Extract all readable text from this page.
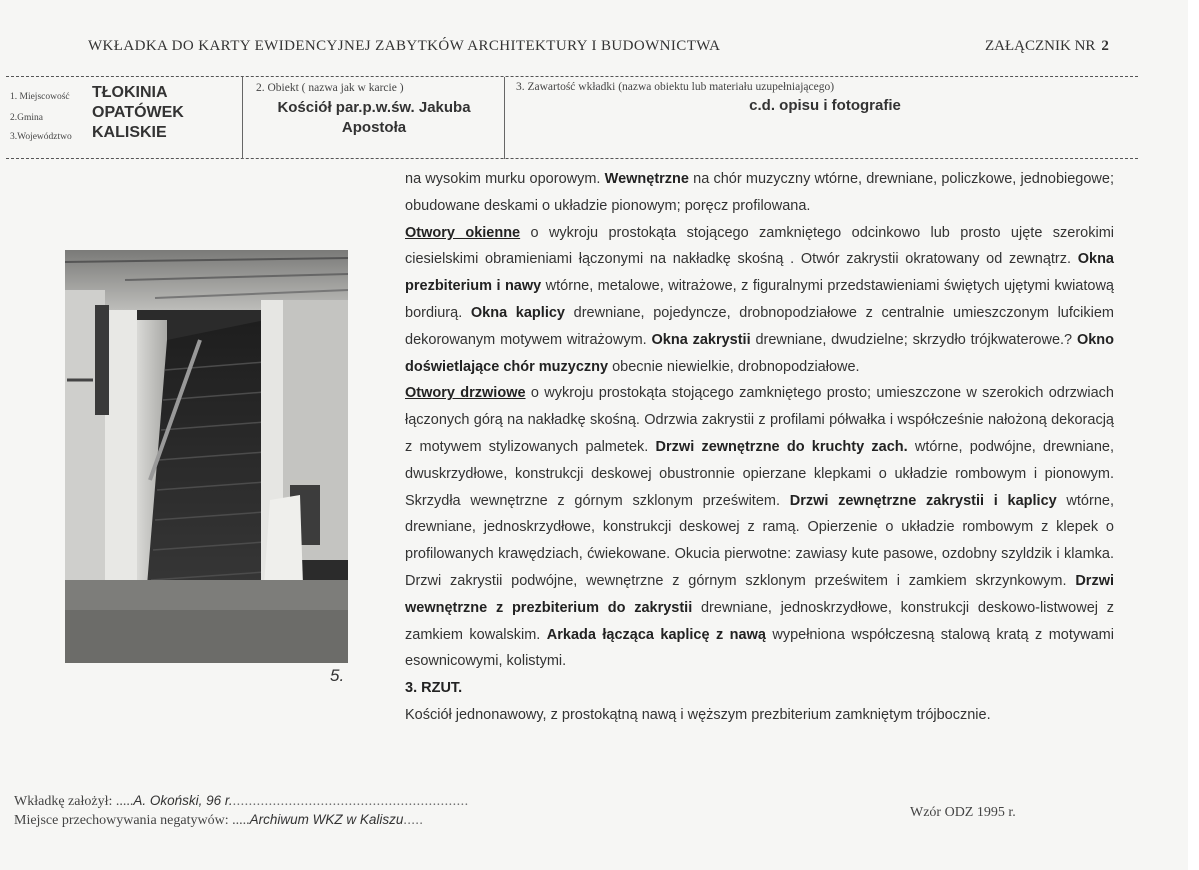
WKŁADKA DO KARTY EWIDENCYJNEJ ZABYTKÓW ARCHITEKTURY I BUDOWNICTWA	ZAŁĄCZNIK NR 2
1. Miejscowość TŁOKINIA
2.Gmina	OPATÓWEK
3.Województwo KALISKIE
2. Obiekt ( nazwa jak w karcie )
Kościół par.p.w.św. Jakuba
Apostoła
3. Zawartość wkładki (nazwa obiektu lub materiału uzupełniającego)
c.d. opisu i fotografie
5.

na wysokim murku oporowym. Wewnętrzne na chór muzyczny wtórne, drewniane, policzkowe, jednobiegowe; obudowane deskami o układzie pionowym; poręcz profilowana.

Otwory okienne o wykroju prostokąta stojącego zamkniętego odcinkowo lub prosto ujęte szerokimi ciesielskimi obramieniami łączonymi na nakładkę skośną . Otwór zakrystii okratowany od zewnątrz. Okna prezbiterium i nawy wtórne, metalowe, witrażowe, z figuralnymi przedstawieniami świętych ujętymi kwiatową bordiurą. Okna kaplicy drewniane, pojedyncze, drobnopodziałowe z centralnie umieszczonym lufcikiem dekorowanym motywem witrażowym. Okna zakrystii drewniane, dwudzielne; skrzydło trójkwaterowe.? Okno doświetlające chór muzyczny obecnie niewielkie, drobnopodziałowe.

Otwory drzwiowe o wykroju prostokąta stojącego zamkniętego prosto; umieszczone w szerokich odrzwiach łączonych górą na nakładkę skośną. Odrzwia zakrystii z profilami półwałka i współcześnie nałożoną dekoracją z motywem stylizowanych palmetek. Drzwi zewnętrzne do kruchty zach. wtórne, podwójne, drewniane, dwuskrzydłowe, konstrukcji deskowej obustronnie opierzane klepkami o układzie rombowym i pionowym. Skrzydła wewnętrzne z górnym szklonym prześwitem. Drzwi zewnętrzne zakrystii i kaplicy wtórne, drewniane, jednoskrzydłowe, konstrukcji deskowej z ramą. Opierzenie o układzie rombowym z klepek o profilowanych krawędziach, ćwiekowane. Okucia pierwotne: zawiasy kute pasowe, ozdobny szyldzik i klamka. Drzwi zakrystii podwójne, wewnętrzne z górnym szklonym prześwitem i zamkiem skrzynkowym. Drzwi wewnętrzne z prezbiterium do zakrystii drewniane, jednoskrzydłowe, konstrukcji deskowo-listwowej z zamkiem kowalskim. Arkada łącząca kaplicę z nawą wypełniona współczesną stalową kratą z motywami esownicowymi, kolistymi.

3. RZUT.

Kościół jednonawowy, z prostokątną nawą i węższym prezbiterium zamkniętym trójbocznie.

Wkładkę założył: .....A. Okoński, 96 r............................................................
Miejsce przechowywania negatywów: .....Archiwum WKZ w Kaliszu.....
Wzór ODZ 1995 r.
